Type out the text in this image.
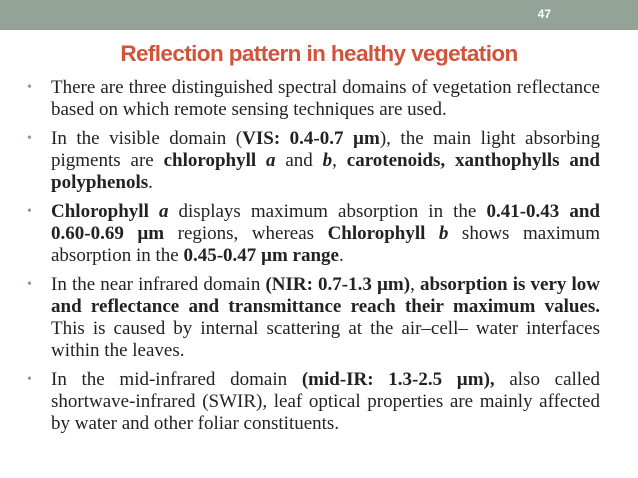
47
Reflection pattern in healthy vegetation
• There are three distinguished spectral domains of vegetation reflectance based on which remote sensing techniques are used.
• In the visible domain (VIS: 0.4-0.7 µm), the main light absorbing pigments are chlorophyll a and b, carotenoids, xanthophylls and polyphenols.
• Chlorophyll a displays maximum absorption in the 0.41-0.43 and 0.60-0.69 µm regions, whereas Chlorophyll b shows maximum absorption in the 0.45-0.47 µm range.
• In the near infrared domain (NIR: 0.7-1.3 µm), absorption is very low and reflectance and transmittance reach their maximum values. This is caused by internal scattering at the air–cell– water interfaces within the leaves.
• In the mid-infrared domain (mid-IR: 1.3-2.5 µm), also called shortwave-infrared (SWIR), leaf optical properties are mainly affected by water and other foliar constituents.
